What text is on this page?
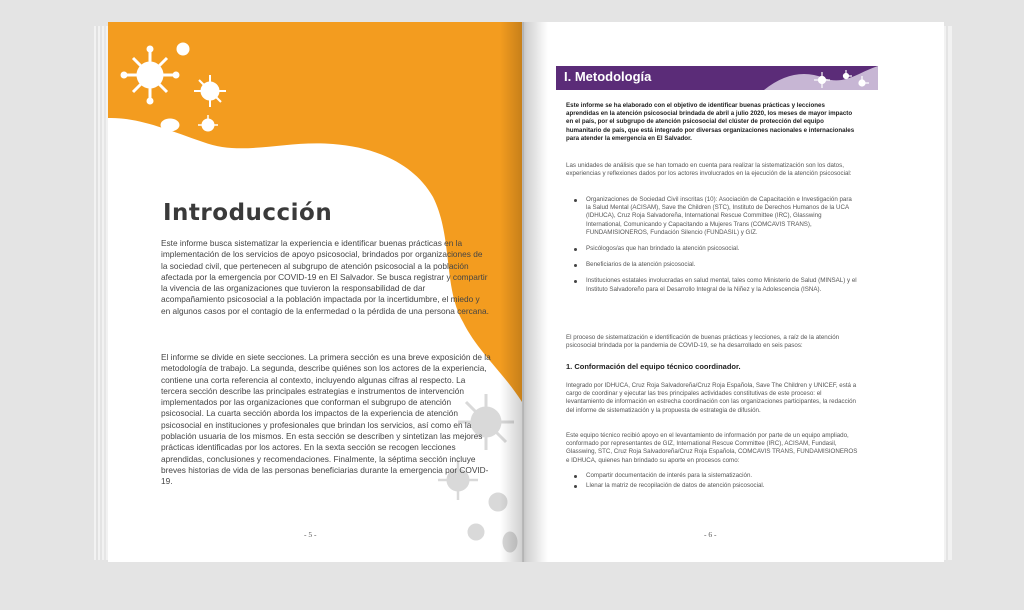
Introducción
Este informe busca sistematizar la experiencia e identificar buenas prácticas en la implementación de los servicios de apoyo psicosocial, brindados por organizaciones de la sociedad civil, que pertenecen al subgrupo de atención psicosocial a la población afectada por la emergencia por COVID-19 en El Salvador. Se busca registrar y compartir la vivencia de las organizaciones que tuvieron la responsabilidad de dar acompañamiento psicosocial a la población impactada por la incertidumbre, el miedo y en algunos casos por el contagio de la enfermedad o la pérdida de una persona cercana.
El informe se divide en siete secciones. La primera sección es una breve exposición de la metodología de trabajo. La segunda, describe quiénes son los actores de la experiencia, contiene una corta referencia al contexto, incluyendo algunas cifras al respecto. La tercera sección describe las principales estrategias e instrumentos de intervención implementados por las organizaciones que conforman el subgrupo de atención psicosocial. La cuarta sección aborda los impactos de la experiencia de atención psicosocial en instituciones y profesionales que brindan los servicios, así como en la población usuaria de los mismos. En esta sección se describen y sintetizan las mejores prácticas identificadas por los actores. En la sexta sección se recogen lecciones aprendidas, conclusiones y recomendaciones. Finalmente, la séptima sección incluye breves historias de vida de las personas beneficiarias durante la emergencia por COVID-19.
- 5 -
I. Metodología
Este informe se ha elaborado con el objetivo de identificar buenas prácticas y lecciones aprendidas en la atención psicosocial brindada de abril a julio 2020, los meses de mayor impacto en el país, por el subgrupo de atención psicosocial del clúster de protección del equipo humanitario de país, que está integrado por diversas organizaciones nacionales e internacionales para atender la emergencia en El Salvador.
Las unidades de análisis que se han tomado en cuenta para realizar la sistematización son los datos, experiencias y reflexiones dados por los actores involucrados en la ejecución de la atención psicosocial:
Organizaciones de Sociedad Civil inscritas (10): Asociación de Capacitación e Investigación para la Salud Mental (ACISAM), Save the Children (STC), Instituto de Derechos Humanos de la UCA (IDHUCA), Cruz Roja Salvadoreña, International Rescue Committee (IRC), Glasswing International, Comunicando y Capacitando a Mujeres Trans (COMCAVIS TRANS), FUNDAMISIONEROS, Fundación Silencio (FUNDASIL) y GIZ.
Psicólogos/as que han brindado la atención psicosocial.
Beneficiarios de la atención psicosocial.
Instituciones estatales involucradas en salud mental, tales como Ministerio de Salud (MINSAL) y el Instituto Salvadoreño para el Desarrollo Integral de la Niñez y la Adolescencia (ISNA).
El proceso de sistematización e identificación de buenas prácticas y lecciones, a raíz de la atención psicosocial brindada por la pandemia de COVID-19, se ha desarrollado en seis pasos:
1. Conformación del equipo técnico coordinador.
Integrado por IDHUCA, Cruz Roja Salvadoreña/Cruz Roja Española, Save The Children y UNICEF, está a cargo de coordinar y ejecutar las tres principales actividades constitutivas de este proceso: el levantamiento de información en estrecha coordinación con las organizaciones participantes, la redacción del informe de sistematización y la propuesta de estrategia de difusión.
Este equipo técnico recibió apoyo en el levantamiento de información por parte de un equipo ampliado, conformado por representantes de GIZ, International Rescue Committee (IRC), ACISAM, Fundasil, Glasswing, STC, Cruz Roja Salvadoreña/Cruz Roja Española, COMCAVIS TRANS, FUNDAMISIONEROS e IDHUCA, quienes han brindado su aporte en procesos como:
Compartir documentación de interés para la sistematización.
Llenar la matriz de recopilación de datos de atención psicosocial.
- 6 -
